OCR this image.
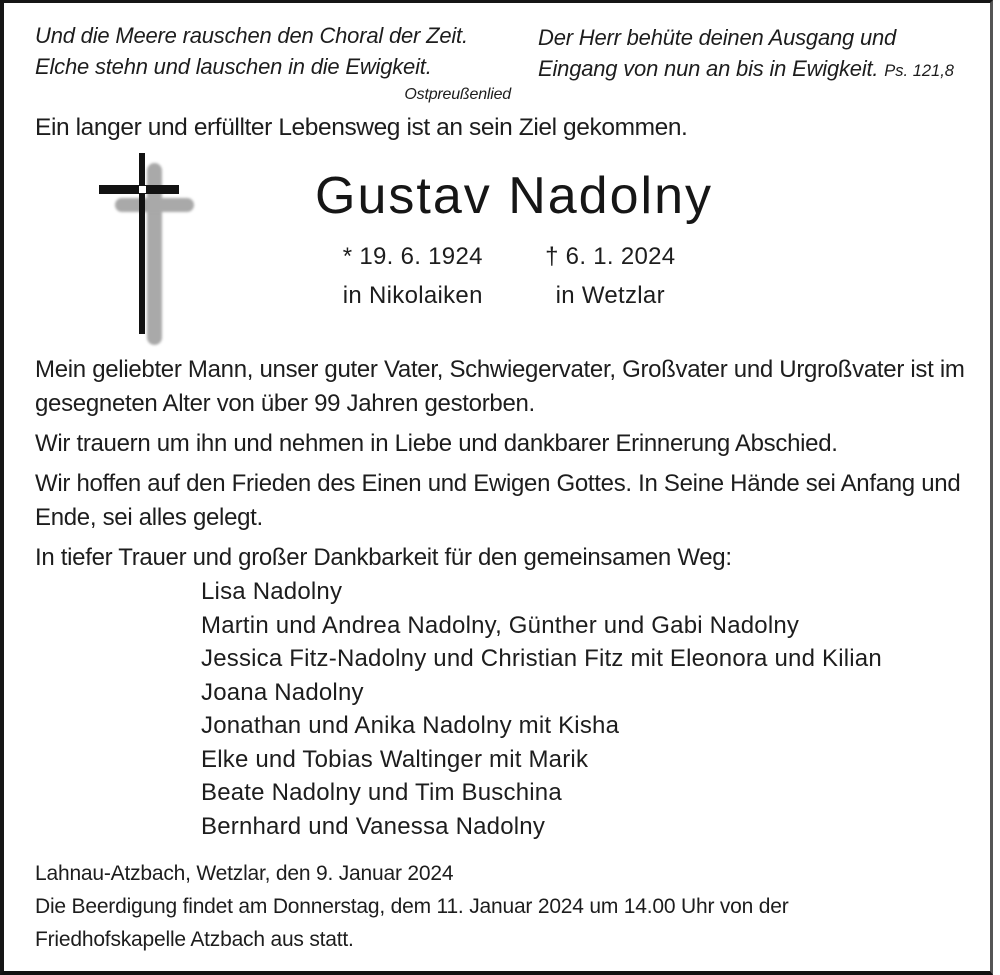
Und die Meere rauschen den Choral der Zeit.
Elche stehn und lauschen in die Ewigkeit.
Ostpreußenlied
Der Herr behüte deinen Ausgang und
Eingang von nun an bis in Ewigkeit. Ps. 121,8
Ein langer und erfüllter Lebensweg ist an sein Ziel gekommen.
Gustav Nadolny
* 19. 6. 1924
in Nikolaiken
† 6. 1. 2024
in Wetzlar

Mein geliebter Mann, unser guter Vater, Schwiegervater, Großvater und Urgroßvater ist im gesegneten Alter von über 99 Jahren gestorben.

Wir trauern um ihn und nehmen in Liebe und dankbarer Erinnerung Abschied.

Wir hoffen auf den Frieden des Einen und Ewigen Gottes. In Seine Hände sei Anfang und Ende, sei alles gelegt.

In tiefer Trauer und großer Dankbarkeit für den gemeinsamen Weg:

Lisa Nadolny
Martin und Andrea Nadolny, Günther und Gabi Nadolny
Jessica Fitz-Nadolny und Christian Fitz mit Eleonora und Kilian
Joana Nadolny
Jonathan und Anika Nadolny mit Kisha
Elke und Tobias Waltinger mit Marik
Beate Nadolny und Tim Buschina
Bernhard und Vanessa Nadolny
Lahnau-Atzbach, Wetzlar, den 9. Januar 2024

Die Beerdigung findet am Donnerstag, dem 11. Januar 2024 um 14.00 Uhr von der Friedhofskapelle Atzbach aus statt.
